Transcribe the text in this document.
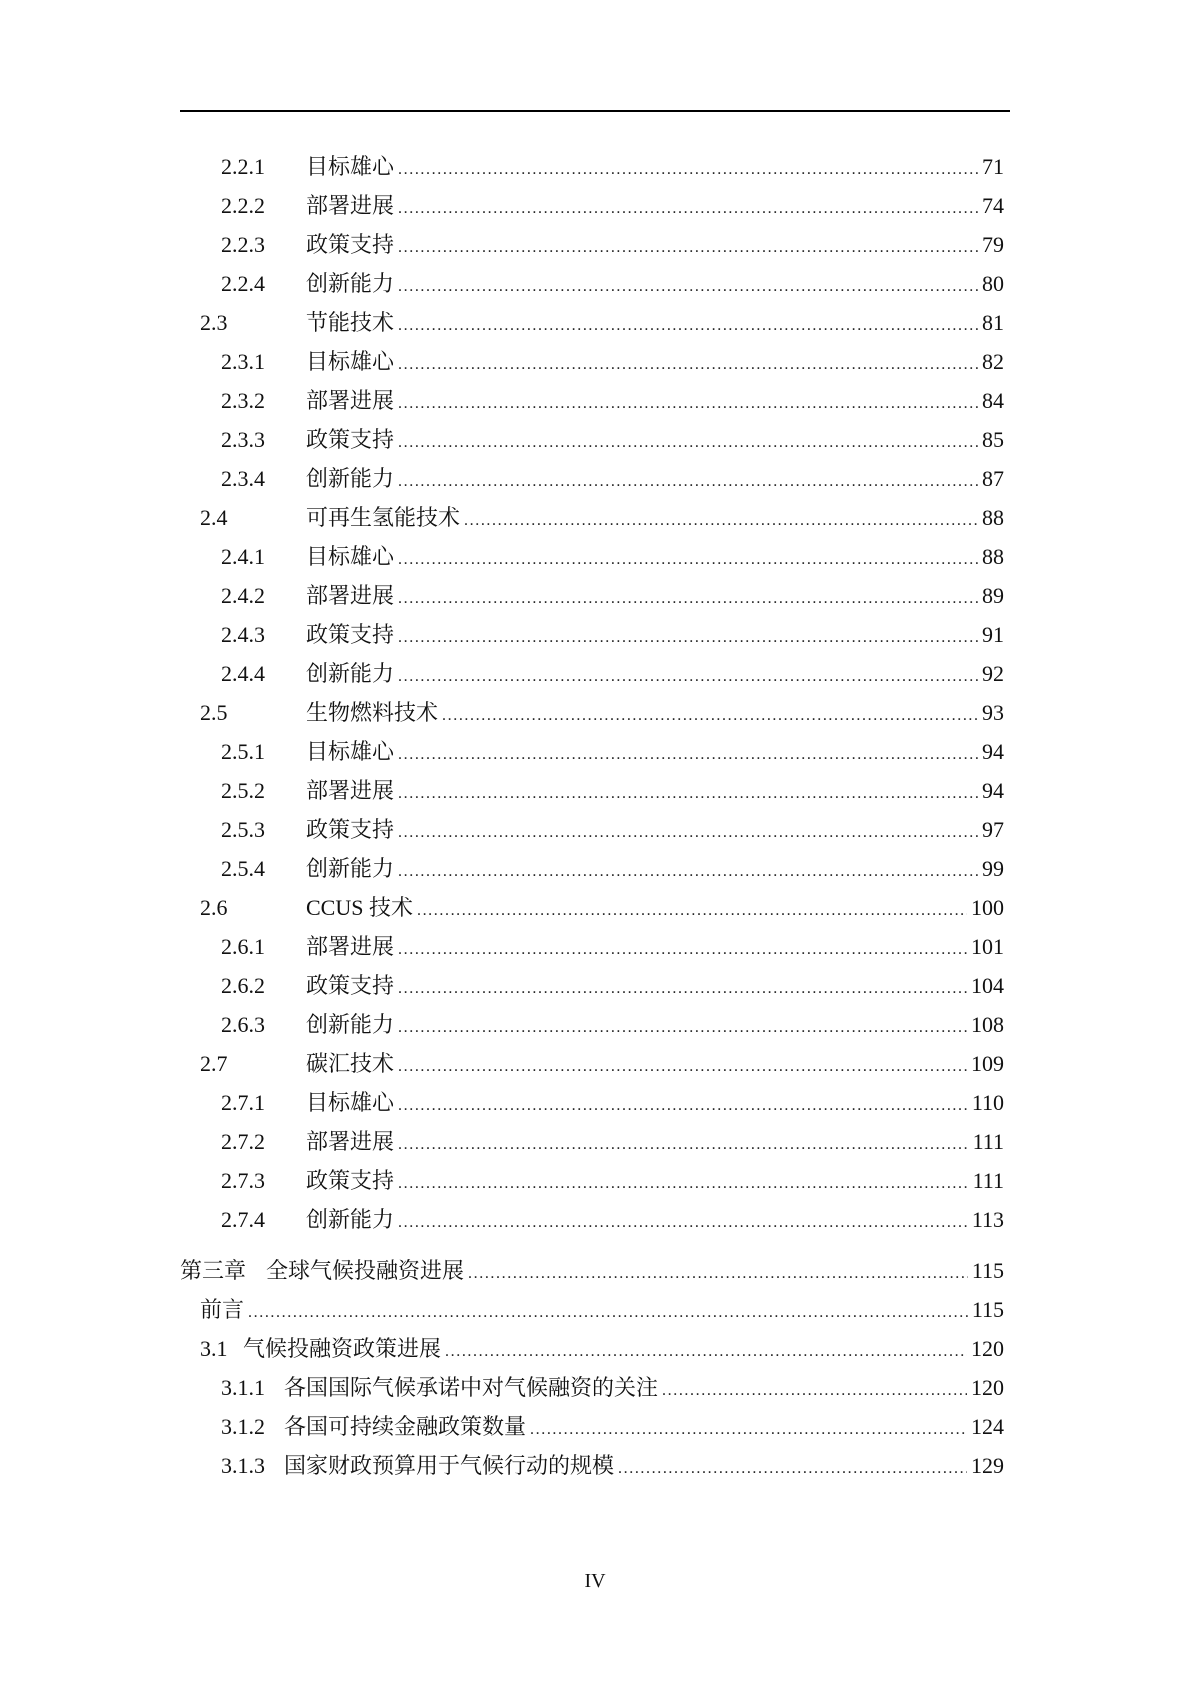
2.2.1 目标雄心 .....	71
2.2.2 部署进展 .....	74
2.2.3 政策支持 .....	79
2.2.4 创新能力 .....	80
2.3	节能技术 .....	81
2.3.1 目标雄心 .....	82
2.3.2 部署进展 .....	84
2.3.3 政策支持 .....	85
2.3.4 创新能力 .....	87
2.4	可再生氢能技术 .....	88
2.4.1 目标雄心 .....	88
2.4.2 部署进展 .....	89
2.4.3 政策支持 .....	91
2.4.4 创新能力 .....	92
2.5	生物燃料技术 .....	93
2.5.1 目标雄心 .....	94
2.5.2 部署进展 .....	94
2.5.3 政策支持 .....	97
2.5.4 创新能力 .....	99
2.6	CCUS 技术 .....	100
2.6.1 部署进展 .....	101
2.6.2 政策支持 .....	104
2.6.3 创新能力 .....	108
2.7	碳汇技术 .....	109
2.7.1 目标雄心 .....	110
2.7.2 部署进展 .....	111
2.7.3 政策支持 .....	111
2.7.4 创新能力 .....	113
第三章 全球气候投融资进展 .....	115
前言 .....	115
3.1 气候投融资政策进展 .....	120
3.1.1 各国国际气候承诺中对气候融资的关注 .....	120
3.1.2 各国可持续金融政策数量 .....	124
3.1.3 国家财政预算用于气候行动的规模 .....	129
IV
